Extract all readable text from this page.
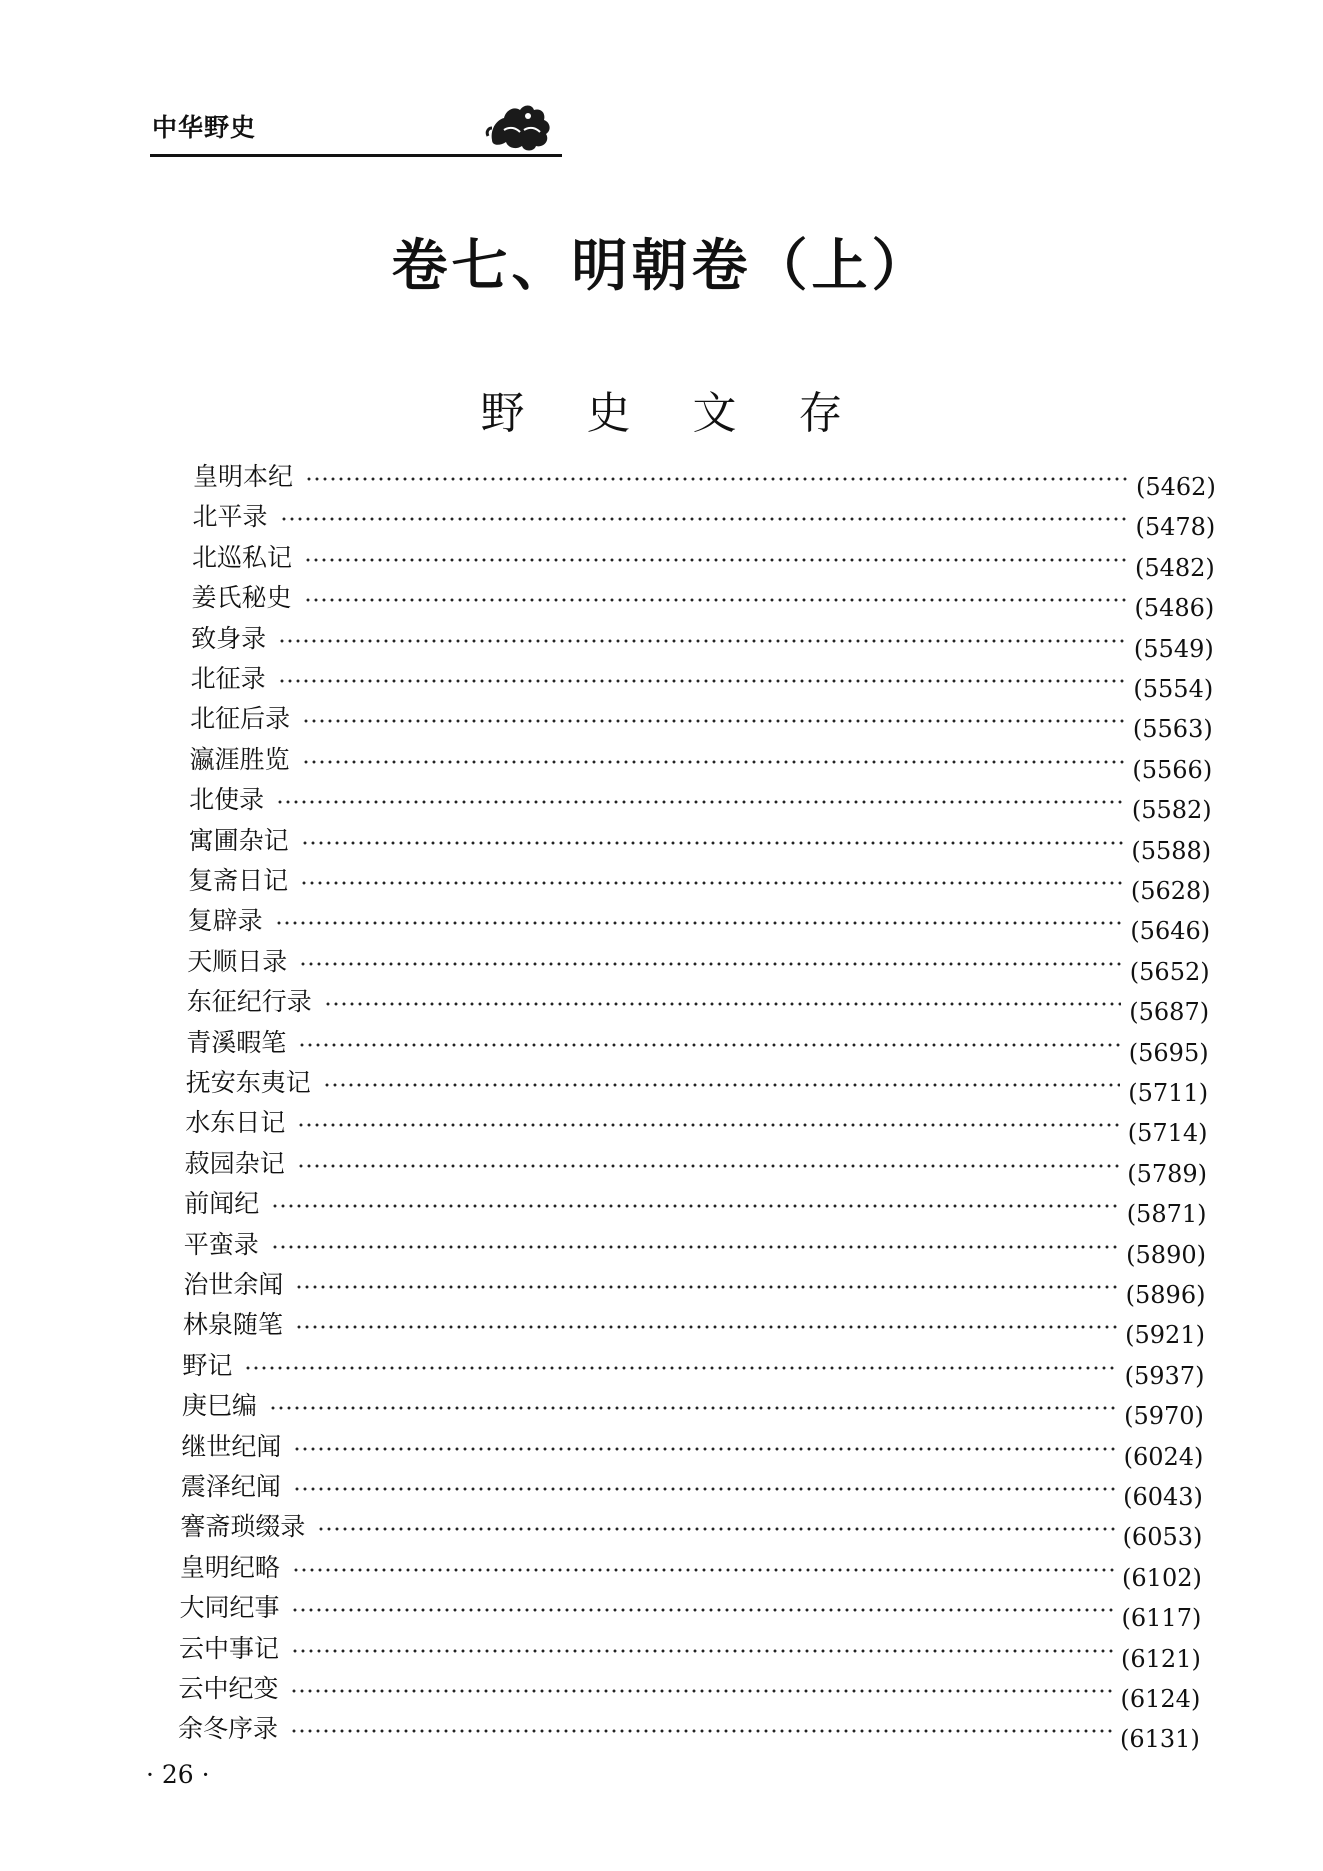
中华野史
卷七、明朝卷（上）
野史文存
皇明本纪	(5462)
北平录	(5478)
北巡私记	(5482)
姜氏秘史	(5486)
致身录	(5549)
北征录	(5554)
北征后录	(5563)
瀛涯胜览	(5566)
北使录	(5582)
寓圃杂记	(5588)
复斋日记	(5628)
复辟录	(5646)
天顺日录	(5652)
东征纪行录	(5687)
青溪暇笔	(5695)
抚安东夷记	(5711)
水东日记	(5714)
菽园杂记	(5789)
前闻纪	(5871)
平蛮录	(5890)
治世余闻	(5896)
林泉随笔	(5921)
野记	(5937)
庚巳编	(5970)
继世纪闻	(6024)
震泽纪闻	(6043)
謇斋琐缀录	(6053)
皇明纪略	(6102)
大同纪事	(6117)
云中事记	(6121)
云中纪变	(6124)
余冬序录	(6131)
· 26 ·
